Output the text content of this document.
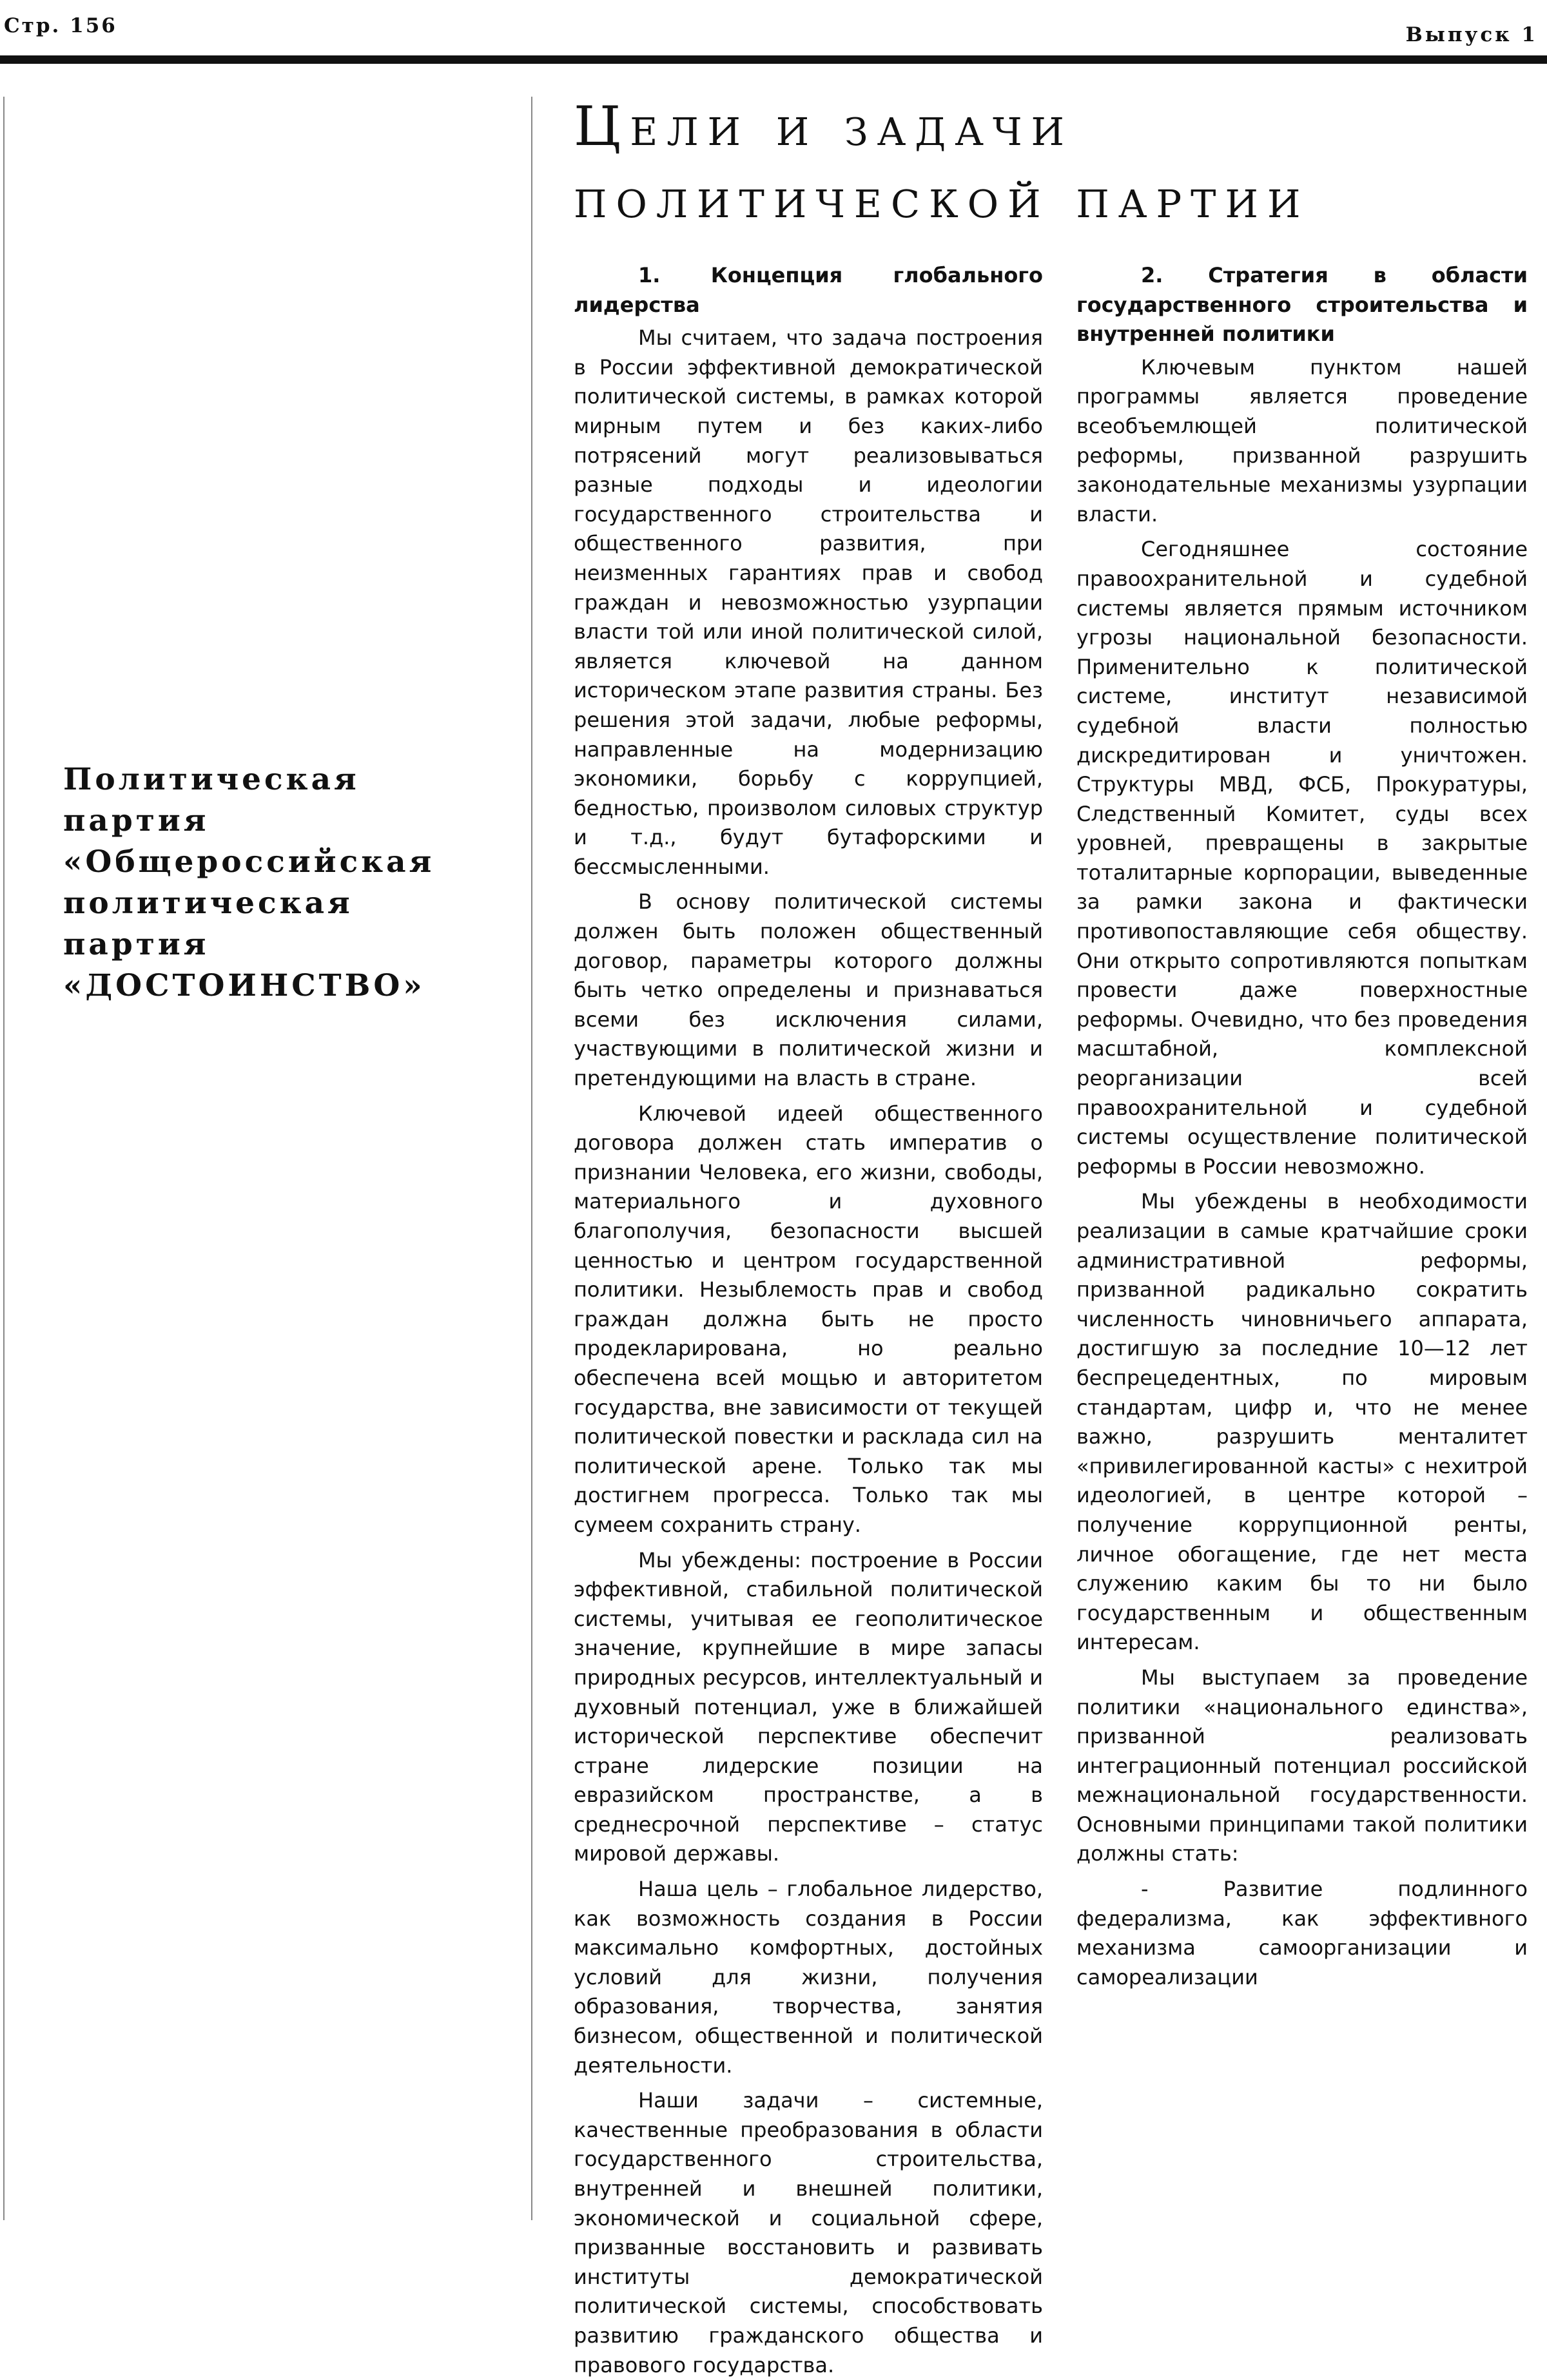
Стр. 156	Выпуск 1
Политическая
партия
«Общероссийская
политическая
партия
«ДОСТОИНСТВО»
Цели и задачи
политической партии
1. Концепция глобального лидерства

Мы считаем, что задача построения в России эффективной демократической политической системы, в рамках которой мирным путем и без каких-либо потрясений могут реализовываться разные подходы и идеологии государственного строительства и общественного развития, при неизменных гарантиях прав и свобод граждан и невозможностью узурпации власти той или иной политической силой, является ключевой на данном историческом этапе развития страны. Без решения этой задачи, любые реформы, направленные на модернизацию экономики, борьбу с коррупцией, бедностью, произволом силовых структур и т.д., будут бутафорскими и бессмысленными.

В основу политической системы должен быть положен общественный договор, параметры которого должны быть четко определены и признаваться всеми без исключения силами, участвующими в политической жизни и претендующими на власть в стране.

Ключевой идеей общественного договора должен стать императив о признании Человека, его жизни, свободы, материального и духовного благополучия, безопасности высшей ценностью и центром государственной политики. Незыблемость прав и свобод граждан должна быть не просто продекларирована, но реально обеспечена всей мощью и авторитетом государства, вне зависимости от текущей политической повестки и расклада сил на политической арене. Только так мы достигнем прогресса. Только так мы сумеем сохранить страну.

Мы убеждены: построение в России эффективной, стабильной политической системы, учитывая ее геополитическое значение, крупнейшие в мире запасы природных ресурсов, интеллектуальный и духовный потенциал, уже в ближайшей исторической перспективе обеспечит стране лидерские позиции на евразийском пространстве, а в среднесрочной перспективе – статус мировой державы.

Наша цель – глобальное лидерство, как возможность создания в России максимально комфортных, достойных условий для жизни, получения образования, творчества, занятия бизнесом, общественной и политической деятельности.

Наши задачи – системные, качественные преобразования в области государственного строительства, внутренней и внешней политики, экономической и социальной сфере, призванные восстановить и развивать институты демократической политической системы, способствовать развитию гражданского общества и правового государства.

2. Стратегия в области государственного строительства и внутренней политики

Ключевым пунктом нашей программы является проведение всеобъемлющей политической реформы, призванной разрушить законодательные механизмы узурпации власти.

Сегодняшнее состояние правоохранительной и судебной системы является прямым источником угрозы национальной безопасности. Применительно к политической системе, институт независимой судебной власти полностью дискредитирован и уничтожен. Структуры МВД, ФСБ, Прокуратуры, Следственный Комитет, суды всех уровней, превращены в закрытые тоталитарные корпорации, выведенные за рамки закона и фактически противопоставляющие себя обществу. Они открыто сопротивляются попыткам провести даже поверхностные реформы. Очевидно, что без проведения масштабной, комплексной реорганизации всей правоохранительной и судебной системы осуществление политической реформы в России невозможно.

Мы убеждены в необходимости реализации в самые кратчайшие сроки административной реформы, призванной радикально сократить численность чиновничьего аппарата, достигшую за последние 10—12 лет беспрецедентных, по мировым стандартам, цифр и, что не менее важно, разрушить менталитет «привилегированной касты» с нехитрой идеологией, в центре которой – получение коррупционной ренты, личное обогащение, где нет места служению каким бы то ни было государственным и общественным интересам.

Мы выступаем за проведение политики «национального единства», призванной реализовать интеграционный потенциал российской межнациональной государственности. Основными принципами такой политики должны стать:

- Развитие подлинного федерализма, как эффективного механизма самоорганизации и самореализации
